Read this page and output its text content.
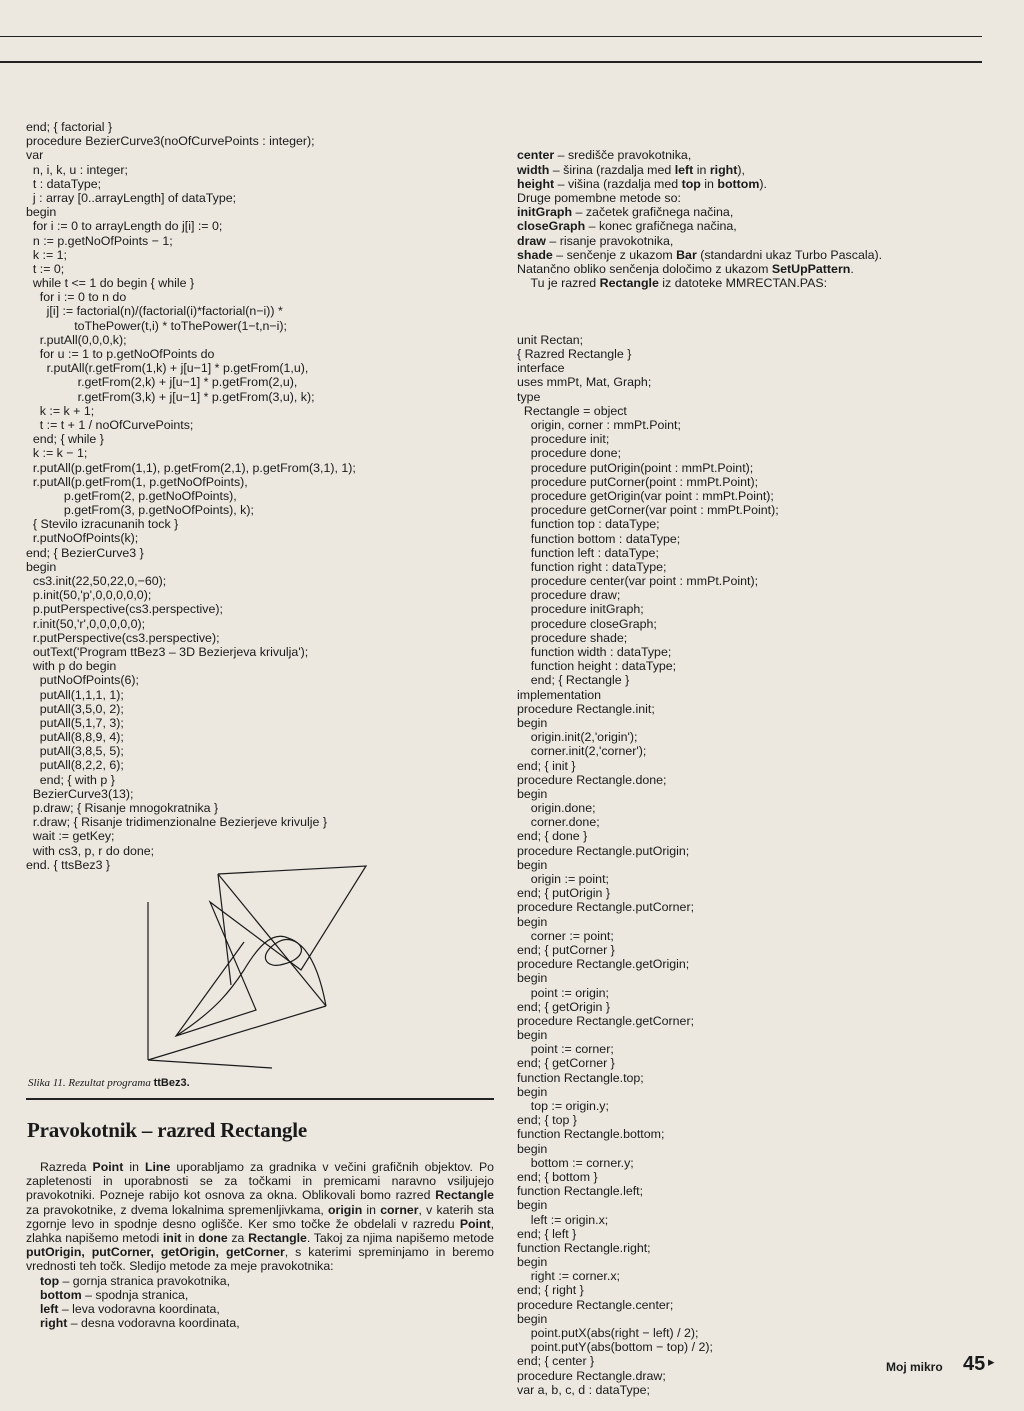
end; { factorial }
procedure BezierCurve3(noOfCurvePoints : integer);
var
n, i, k, u : integer;
t : dataType;
j : array [0..arrayLength] of dataType;
begin
for i := 0 to arrayLength do j[i] := 0;
n := p.getNoOfPoints − 1;
k := 1;
t := 0;
while t <= 1 do begin { while }
for i := 0 to n do
j[i] := factorial(n)/(factorial(i)*factorial(n−i)) *
toThePower(t,i) * toThePower(1−t,n−i);
r.putAll(0,0,0,k);
for u := 1 to p.getNoOfPoints do
r.putAll(r.getFrom(1,k) + j[u−1] * p.getFrom(1,u),
r.getFrom(2,k) + j[u−1] * p.getFrom(2,u),
r.getFrom(3,k) + j[u−1] * p.getFrom(3,u), k);
k := k + 1;
t := t + 1 / noOfCurvePoints;
end; { while }
k := k − 1;
r.putAll(p.getFrom(1,1), p.getFrom(2,1), p.getFrom(3,1), 1);
r.putAll(p.getFrom(1, p.getNoOfPoints),
p.getFrom(2, p.getNoOfPoints),
p.getFrom(3, p.getNoOfPoints), k);
{ Stevilo izracunanih tock }
r.putNoOfPoints(k);
end; { BezierCurve3 }
begin
cs3.init(22,50,22,0,−60);
p.init(50,'p',0,0,0,0,0);
p.putPerspective(cs3.perspective);
r.init(50,'r',0,0,0,0,0);
r.putPerspective(cs3.perspective);
outText('Program ttBez3 – 3D Bezierjeva krivulja');
with p do begin
putNoOfPoints(6);
putAll(1,1,1, 1);
putAll(3,5,0, 2);
putAll(5,1,7, 3);
putAll(8,8,9, 4);
putAll(3,8,5, 5);
putAll(8,2,2, 6);
end; { with p }
BezierCurve3(13);
p.draw; { Risanje mnogokratnika }
r.draw; { Risanje tridimenzionalne Bezierjeve krivulje }
wait := getKey;
with cs3, p, r do done;
end. { ttsBez3 }
Slika 11. Rezultat programa ttBez3.
Pravokotnik – razred Rectangle

Razreda Point in Line uporabljamo za gradnika v večini grafičnih objektov. Po zapletenosti in uporabnosti se za točkami in premicami naravno vsiljujejo pravokotniki. Pozneje rabijo kot osnova za okna. Oblikovali bomo razred Rectangle za pravokotnike, z dvema lokalnima spremenljivkama, origin in corner, v katerih sta zgornje levo in spodnje desno oglišče. Ker smo točke že obdelali v razredu Point, zlahka napišemo metodi init in done za Rectangle. Takoj za njima napišemo metode putOrigin, putCorner, getOrigin, getCorner, s katerimi spreminjamo in beremo vrednosti teh točk. Sledijo metode za meje pravokotnika:

top – gornja stranica pravokotnika,
bottom – spodnja stranica,
left – leva vodoravna koordinata,
right – desna vodoravna koordinata,

center – središče pravokotnika,
width – širina (razdalja med left in right),
height – višina (razdalja med top in bottom).
Druge pomembne metode so:
initGraph – začetek grafičnega načina,
closeGraph – konec grafičnega načina,
draw – risanje pravokotnika,
shade – senčenje z ukazom Bar (standardni ukaz Turbo Pascala).
Natančno obliko senčenja določimo z ukazom SetUpPattern.
Tu je razred Rectangle iz datoteke MMRECTAN.PAS:

unit Rectan;
{ Razred Rectangle }
interface
uses mmPt, Mat, Graph;
type
Rectangle = object
origin, corner : mmPt.Point;
procedure init;
procedure done;
procedure putOrigin(point : mmPt.Point);
procedure putCorner(point : mmPt.Point);
procedure getOrigin(var point : mmPt.Point);
procedure getCorner(var point : mmPt.Point);
function top : dataType;
function bottom : dataType;
function left : dataType;
function right : dataType;
procedure center(var point : mmPt.Point);
procedure draw;
procedure initGraph;
procedure closeGraph;
procedure shade;
function width : dataType;
function height : dataType;
end; { Rectangle }
implementation
procedure Rectangle.init;
begin
origin.init(2,'origin');
corner.init(2,'corner');
end; { init }
procedure Rectangle.done;
begin
origin.done;
corner.done;
end; { done }
procedure Rectangle.putOrigin;
begin
origin := point;
end; { putOrigin }
procedure Rectangle.putCorner;
begin
corner := point;
end; { putCorner }
procedure Rectangle.getOrigin;
begin
point := origin;
end; { getOrigin }
procedure Rectangle.getCorner;
begin
point := corner;
end; { getCorner }
function Rectangle.top;
begin
top := origin.y;
end; { top }
function Rectangle.bottom;
begin
bottom := corner.y;
end; { bottom }
function Rectangle.left;
begin
left := origin.x;
end; { left }
function Rectangle.right;
begin
right := corner.x;
end; { right }
procedure Rectangle.center;
begin
point.putX(abs(right − left) / 2);
point.putY(abs(bottom − top) / 2);
end; { center }
procedure Rectangle.draw;
var a, b, c, d : dataType;

Moj mikro 45 ▸
